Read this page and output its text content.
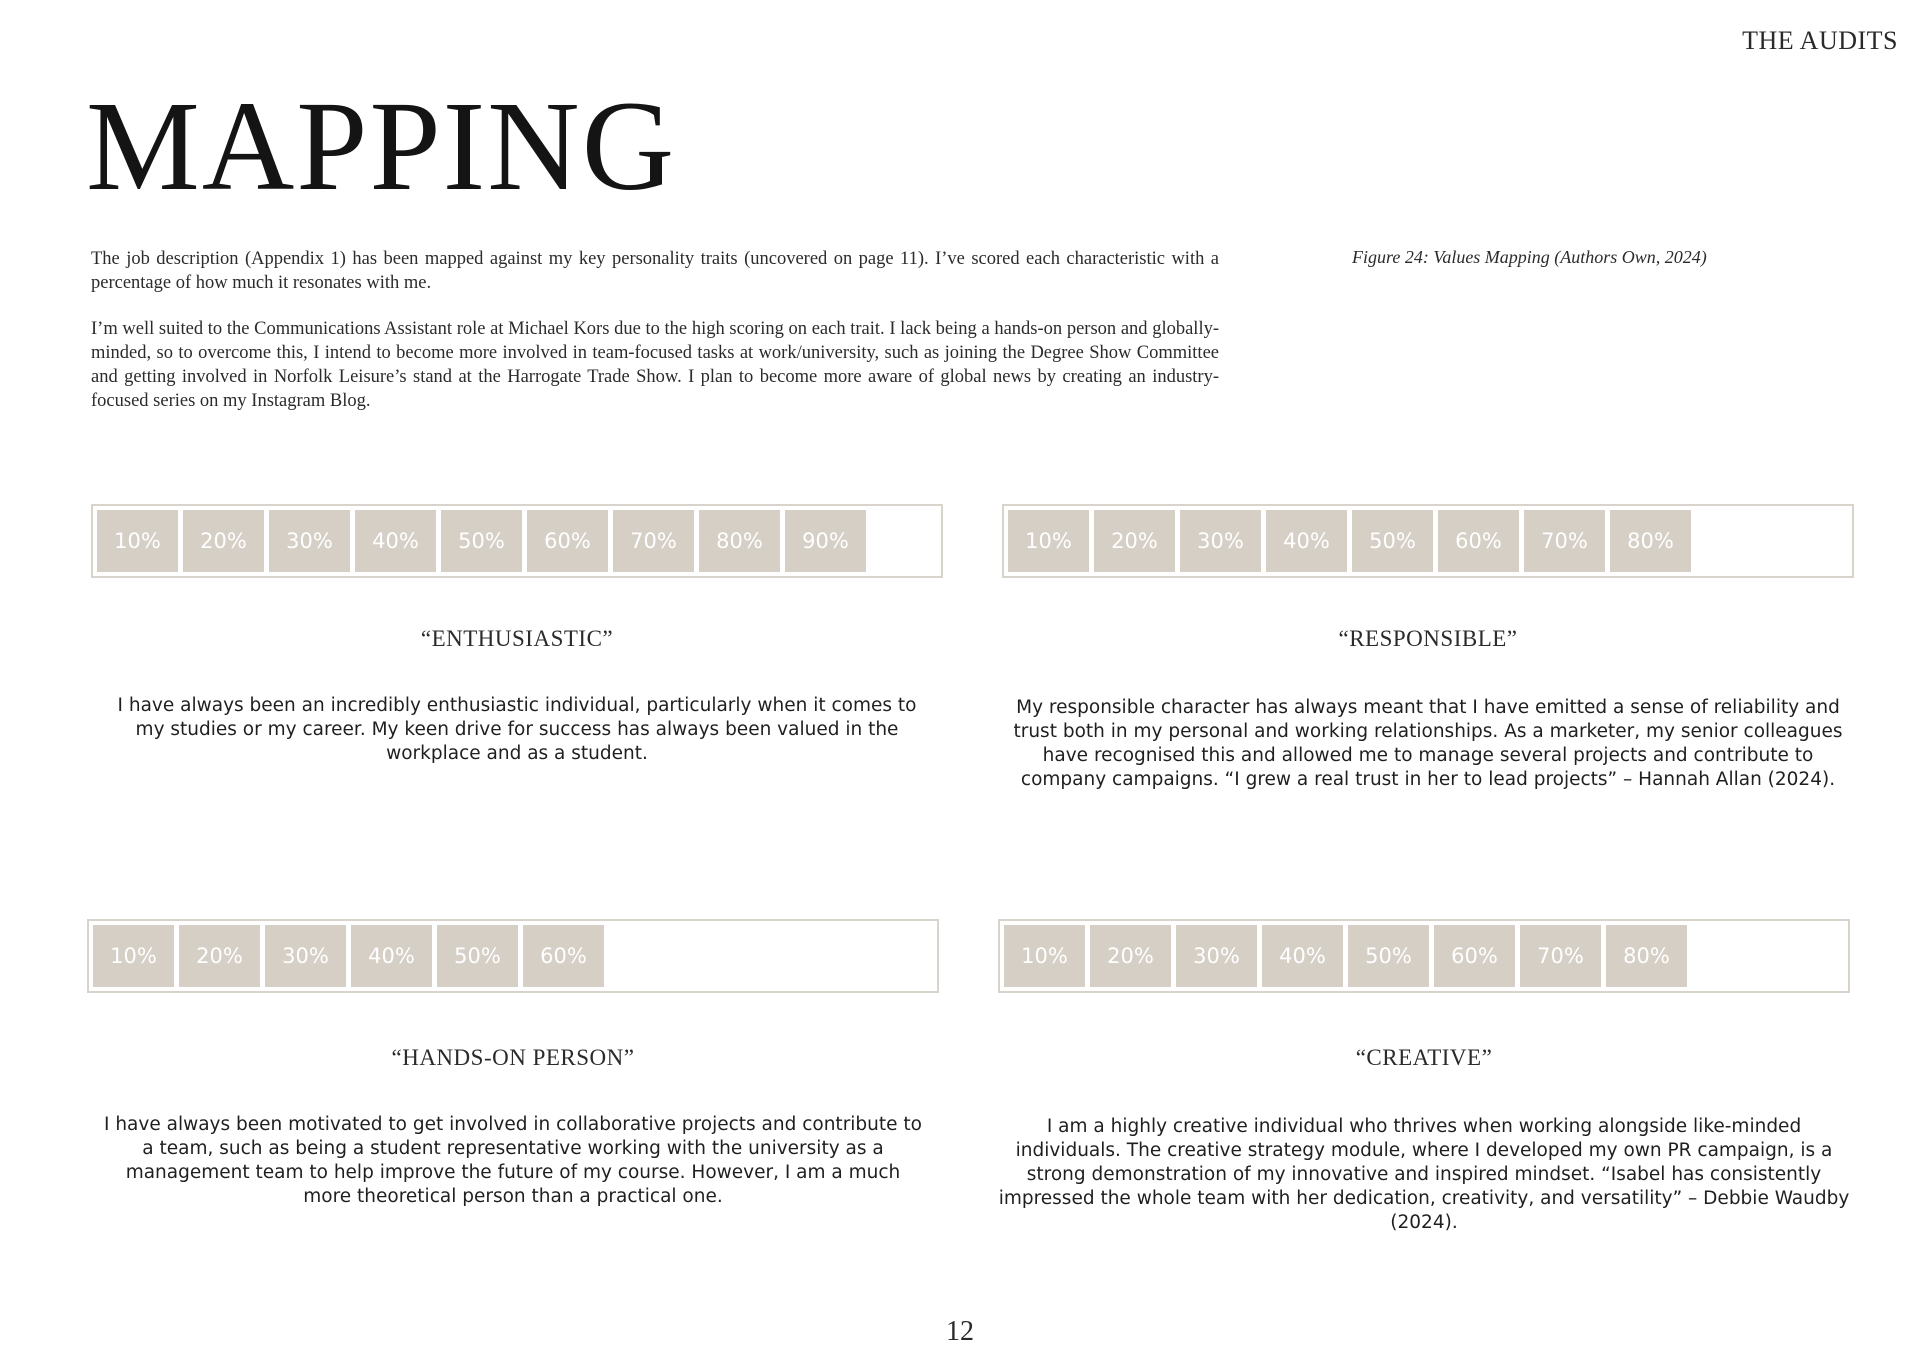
THE AUDITS
MAPPING

The job description (Appendix 1) has been mapped against my key personality traits (uncovered on page 11). I’ve scored each characteristic with a percentage of how much it resonates with me.

I’m well suited to the Communications Assistant role at Michael Kors due to the high scoring on each trait. I lack being a hands-on person and globally-minded, so to overcome this, I intend to become more involved in team-focused tasks at work/university, such as joining the Degree Show Committee and getting involved in Norfolk Leisure’s stand at the Harrogate Trade Show. I plan to become more aware of global news by creating an industry-focused series on my Instagram Blog.

Figure 24: Values Mapping (Authors Own, 2024)
10%	20%	30%	40%	50%	60%	70%	80%	90%
“ENTHUSIASTIC”
I have always been an incredibly enthusiastic individual, particularly when it comes to my studies or my career. My keen drive for success has always been valued in the workplace and as a student.
10%	20%	30%	40%	50%	60%	70%	80%
“RESPONSIBLE”
My responsible character has always meant that I have emitted a sense of reliability and trust both in my personal and working relationships. As a marketer, my senior colleagues have recognised this and allowed me to manage several projects and contribute to company campaigns. “I grew a real trust in her to lead projects” – Hannah Allan (2024).
10%	20%	30%	40%	50%	60%
“HANDS-ON PERSON”
I have always been motivated to get involved in collaborative projects and contribute to a team, such as being a student representative working with the university as a management team to help improve the future of my course. However, I am a much more theoretical person than a practical one.
10%	20%	30%	40%	50%	60%	70%	80%
“CREATIVE”
I am a highly creative individual who thrives when working alongside like-minded individuals. The creative strategy module, where I developed my own PR campaign, is a strong demonstration of my innovative and inspired mindset. “Isabel has consistently impressed the whole team with her dedication, creativity, and versatility” – Debbie Waudby (2024).
12
